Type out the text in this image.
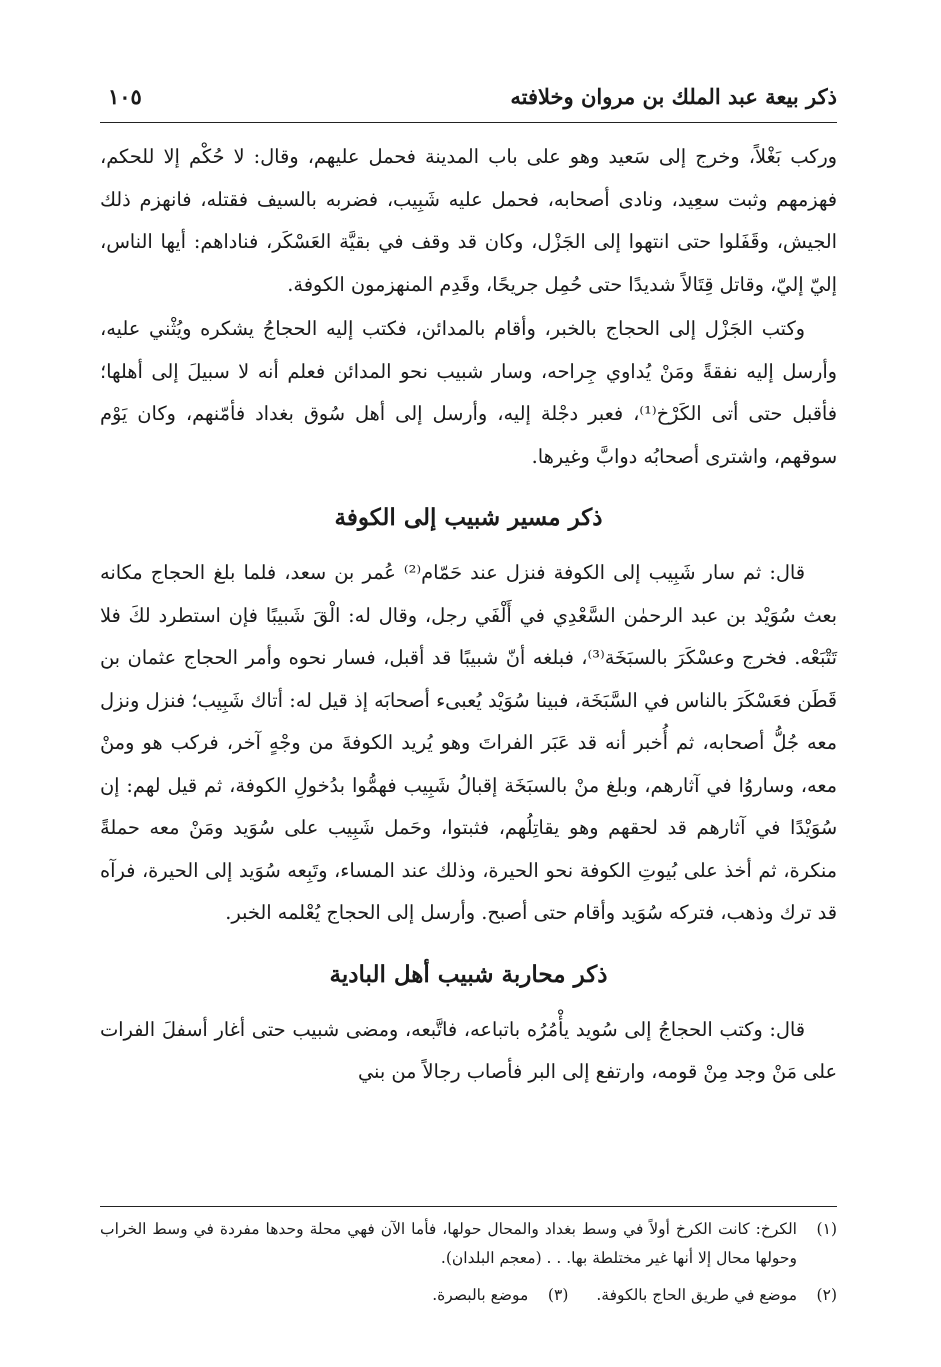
ذكر بيعة عبد الملك بن مروان وخلافته
١٠٥

وركب بَغْلاً، وخرج إلى سَعيد وهو على باب المدينة فحمل عليهم، وقال: لا حُكْم إلا للحكم، فهزمهم وثبت سعِيد، ونادى أصحابه، فحمل عليه شَبِيب، فضربه بالسيف فقتله، فانهزم ذلك الجيش، وقَفَلوا حتى انتهوا إلى الجَزْل، وكان قد وقف في بقيَّة العَسْكَر، فناداهم: أيها الناس، إليّ إليّ، وقاتل قِتَالاً شديدًا حتى حُمِل جريحًا، وقَدِم المنهزمون الكوفة.

وكتب الجَزْل إلى الحجاج بالخبر، وأقام بالمدائن، فكتب إليه الحجاجُ يشكره ويُثْني عليه، وأرسل إليه نفقةً ومَنْ يُداوي جِراحه، وسار شبيب نحو المدائن فعلم أنه لا سبيلَ إلى أهلها؛ فأقبل حتى أتى الكَرْخ⁽¹⁾، فعبر دجْلة إليه، وأرسل إلى أهل سُوق بغداد فأمّنهم، وكان يَوْم سوقهم، واشترى أصحابُه دوابَّ وغيرها.

ذكر مسير شبيب إلى الكوفة

قال: ثم سار شَبِيب إلى الكوفة فنزل عند حَمّام⁽²⁾ عُمر بن سعد، فلما بلغ الحجاج مكانه بعث سُوَيْد بن عبد الرحمٰن السَّعْدِي في أَلْفَي رجل، وقال له: الْقَ شَبيبًا فإن استطرد لكَ فلا تَتْبَعْه. فخرج وعسْكَرَ بالسبَخَة⁽³⁾، فبلغه أنّ شبيبًا قد أقبل، فسار نحوه وأمر الحجاج عثمان بن قَطَن فعَسْكَرَ بالناس في السَّبَخَة، فبينا سُوَيْد يُعبىء أصحابَه إذ قيل له: أتاك شَبِيب؛ فنزل ونزل معه جُلُّ أصحابه، ثم أُخبر أنه قد عَبَر الفراتَ وهو يُريد الكوفةَ من وجْهٍ آخر، فركب هو ومنْ معه، وساروُا في آثارهم، وبلغ منْ بالسبَخَة إقبالُ شَبِيب فهمُّوا بدُخولِ الكوفة، ثم قيل لهم: إن سُوَيْدًا في آثارهم قد لحقهم وهو يقاتِلُهم، فثبتوا، وحَمل شَبِيب على سُوَيد ومَنْ معه حملةً منكرة، ثم أخذ على بُيوتِ الكوفة نحو الحيرة، وذلك عند المساء، وتَبِعه سُوَيد إلى الحيرة، فرآه قد ترك وذهب، فتركه سُوَيد وأقام حتى أصبح. وأرسل إلى الحجاج يُعْلمه الخبر.

ذكر محاربة شبيب أهل البادية

قال: وكتب الحجاجُ إلى سُويد يأْمُرُه باتباعه، فاتَّبعه، ومضى شبيب حتى أغار أسفلَ الفرات على مَنْ وجد مِنْ قومه، وارتفع إلى البر فأصاب رجالاً من بني

(١)
الكرخ: كانت الكرخ أولاً في وسط بغداد والمحال حولها، فأما الآن فهي محلة وحدها مفردة في وسط الخراب وحولها محال إلا أنها غير مختلطة بها. . . (معجم البلدان).
(٢)
موضع في طريق الحاج بالكوفة.
(٣)
موضع بالبصرة.
